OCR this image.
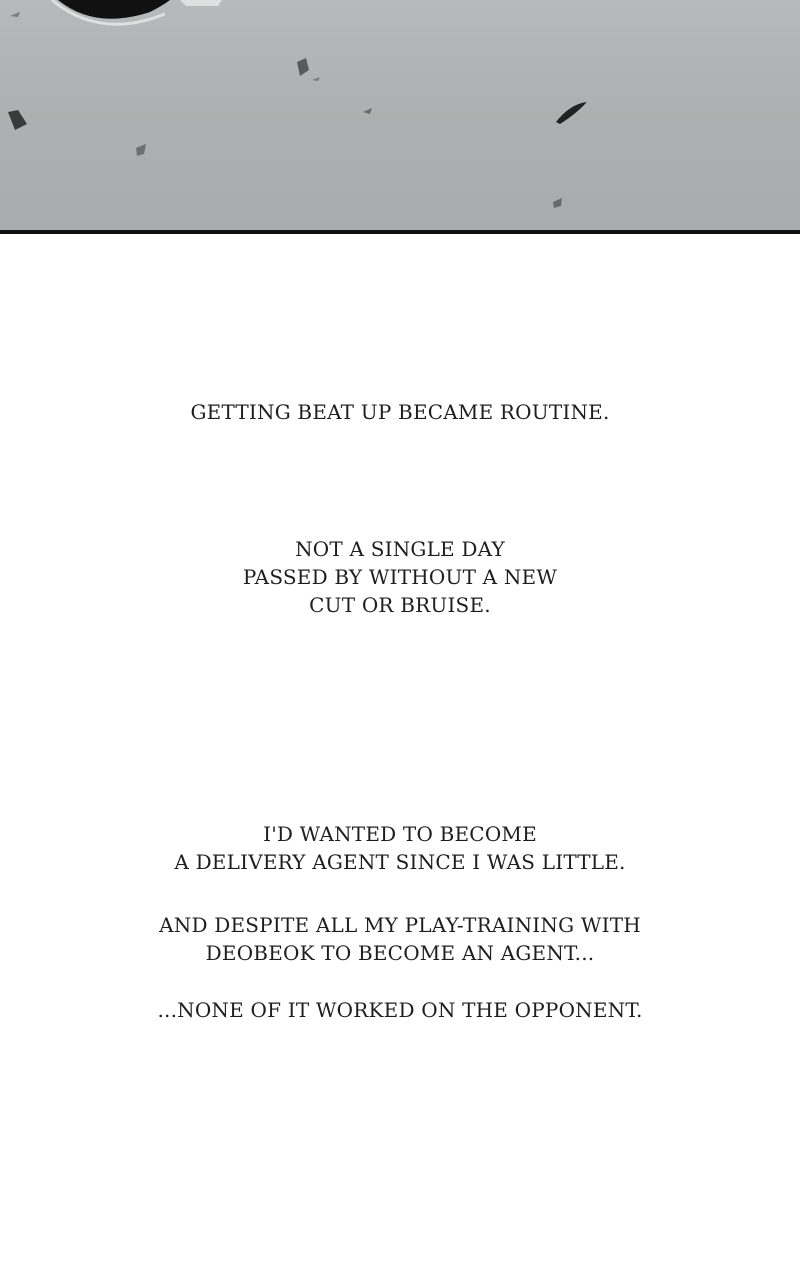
GETTING BEAT UP BECAME ROUTINE.
NOT A SINGLE DAY
PASSED BY WITHOUT A NEW
CUT OR BRUISE.
I'D WANTED TO BECOME
A DELIVERY AGENT SINCE I WAS LITTLE.
AND DESPITE ALL MY PLAY-TRAINING WITH
DEOBEOK TO BECOME AN AGENT...
...NONE OF IT WORKED ON THE OPPONENT.
